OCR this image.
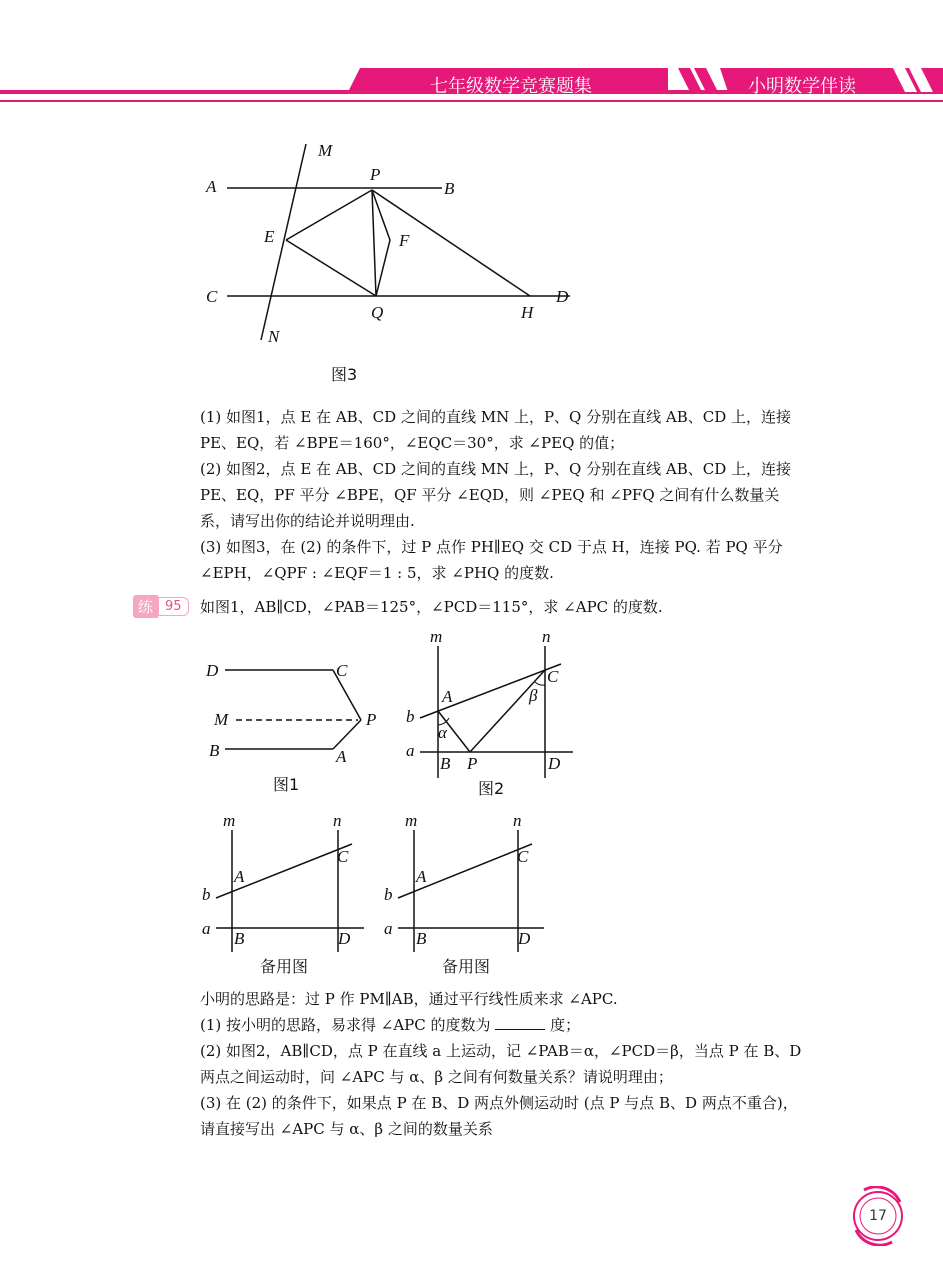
七年级数学竞赛题集	小明数学伴读
M
A
P
B
E	F
C	D
Q	H
N
图3

(1) 如图1，点 E 在 AB、CD 之间的直线 MN 上，P、Q 分别在直线 AB、CD 上，连接

PE、EQ，若 ∠BPE＝160°，∠EQC＝30°，求 ∠PEQ 的值；

(2) 如图2，点 E 在 AB、CD 之间的直线 MN 上，P、Q 分别在直线 AB、CD 上，连接

PE、EQ，PF 平分 ∠BPE，QF 平分 ∠EQD，则 ∠PEQ 和 ∠PFQ 之间有什么数量关

系，请写出你的结论并说明理由.

(3) 如图3，在 (2) 的条件下，过 P 点作 PH∥EQ 交 CD 于点 H，连接 PQ. 若 PQ 平分

∠EPH，∠QPF : ∠EQF＝1 : 5，求 ∠PHQ 的度数.

练 95	如图1，AB∥CD，∠PAB＝125°，∠PCD＝115°，求 ∠APC 的度数.
D	C
M	P
B	A
图1
m	n
C
β
A
b
α
a
B P	D
图2
m	n
C
A
b
a
B	D
备用图
m	n
C
A
b
a
B	D
备用图

小明的思路是：过 P 作 PM∥AB，通过平行线性质来求 ∠APC.

(1) 按小明的思路，易求得 ∠APC 的度数为	度；

(2) 如图2，AB∥CD，点 P 在直线 a 上运动，记 ∠PAB＝α，∠PCD＝β，当点 P 在 B、D

两点之间运动时，问 ∠APC 与 α、β 之间有何数量关系？请说明理由；

(3) 在 (2) 的条件下，如果点 P 在 B、D 两点外侧运动时 (点 P 与点 B、D 两点不重合)，

请直接写出 ∠APC 与 α、β 之间的数量关系

17
